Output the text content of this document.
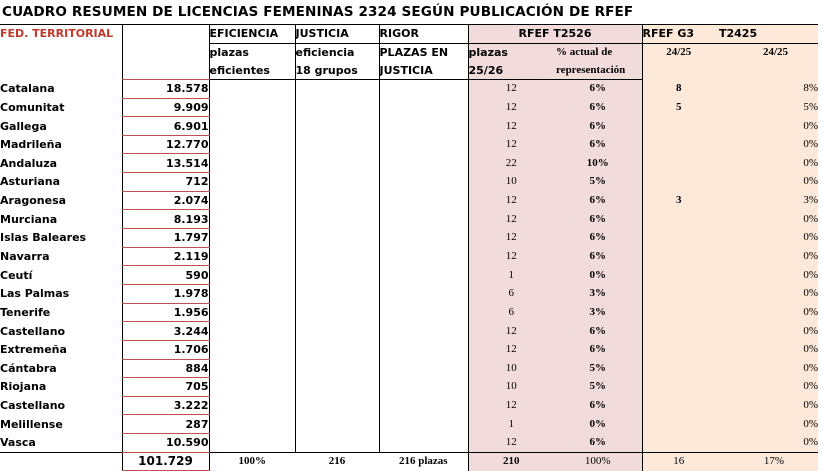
CUADRO RESUMEN DE LICENCIAS FEMENINAS 2324 SEGÚN PUBLICACIÓN DE RFEF
FED. TERRITORIAL		EFICIENCIA	JUSTICIA	RIGOR	RFEF T2526		RFEF G3	T2425
		plazas	eficiencia	PLAZAS EN	plazas	% actual de	24/25	24/25
		eficientes	18 grupos	JUSTICIA	25/26	representación		
Catalana	18.578				12	6%	8	8%
Comunitat	9.909				12	6%	5	5%
Gallega	6.901				12	6%		0%
Madrileña	12.770				12	6%		0%
Andaluza	13.514				22	10%		0%
Asturiana	712				10	5%		0%
Aragonesa	2.074				12	6%	3	3%
Murciana	8.193				12	6%		0%
Islas Baleares	1.797				12	6%		0%
Navarra	2.119				12	6%		0%
Ceutí	590				1	0%		0%
Las Palmas	1.978				6	3%		0%
Tenerife	1.956				6	3%		0%
Castellano	3.244				12	6%		0%
Extremeña	1.706				12	6%		0%
Cántabra	884				10	5%		0%
Riojana	705				10	5%		0%
Castellano	3.222				12	6%		0%
Melillense	287				1	0%		0%
Vasca	10.590				12	6%		0%
	101.729	100%	216	216 plazas	210	100%	16	17%
